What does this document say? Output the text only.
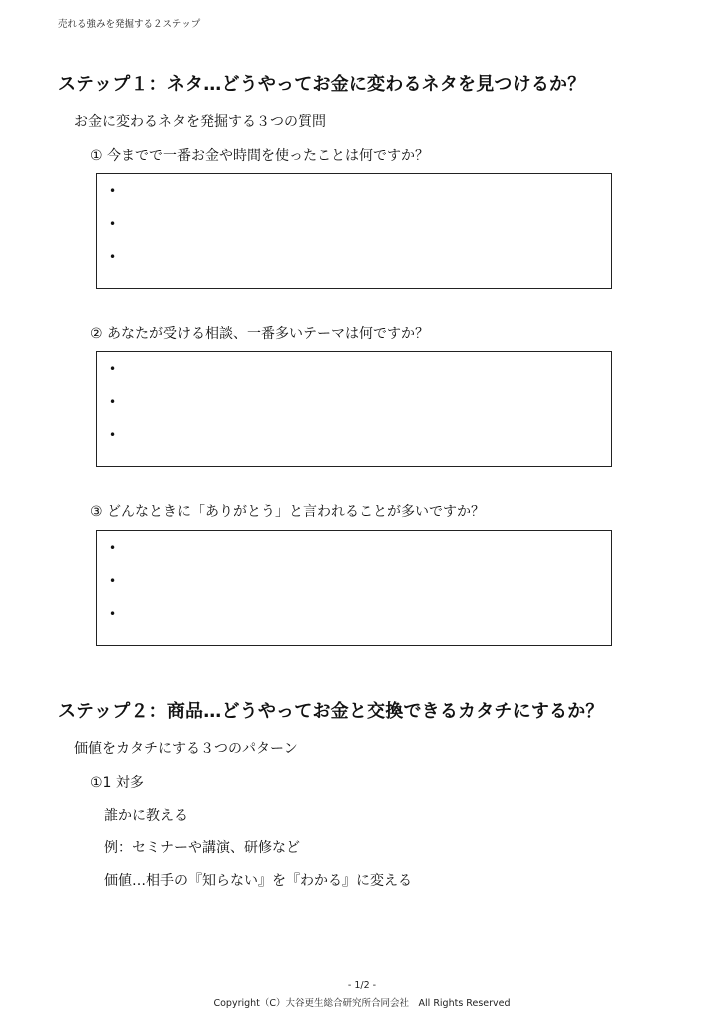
売れる強みを発掘する２ステップ
ステップ１：ネタ…どうやってお金に変わるネタを見つけるか？
お金に変わるネタを発掘する３つの質問
① 今までで一番お金や時間を使ったことは何ですか？
•
•
•
② あなたが受ける相談、一番多いテーマは何ですか？
•
•
•
③ どんなときに「ありがとう」と言われることが多いですか？
•
•
•
ステップ２：商品…どうやってお金と交換できるカタチにするか？
価値をカタチにする３つのパターン
①1 対多
誰かに教える
例：セミナーや講演、研修など
価値…相手の『知らない』を『わかる』に変える
- 1/2 -
Copyright（C）大谷更生総合研究所合同会社　All Rights Reserved
